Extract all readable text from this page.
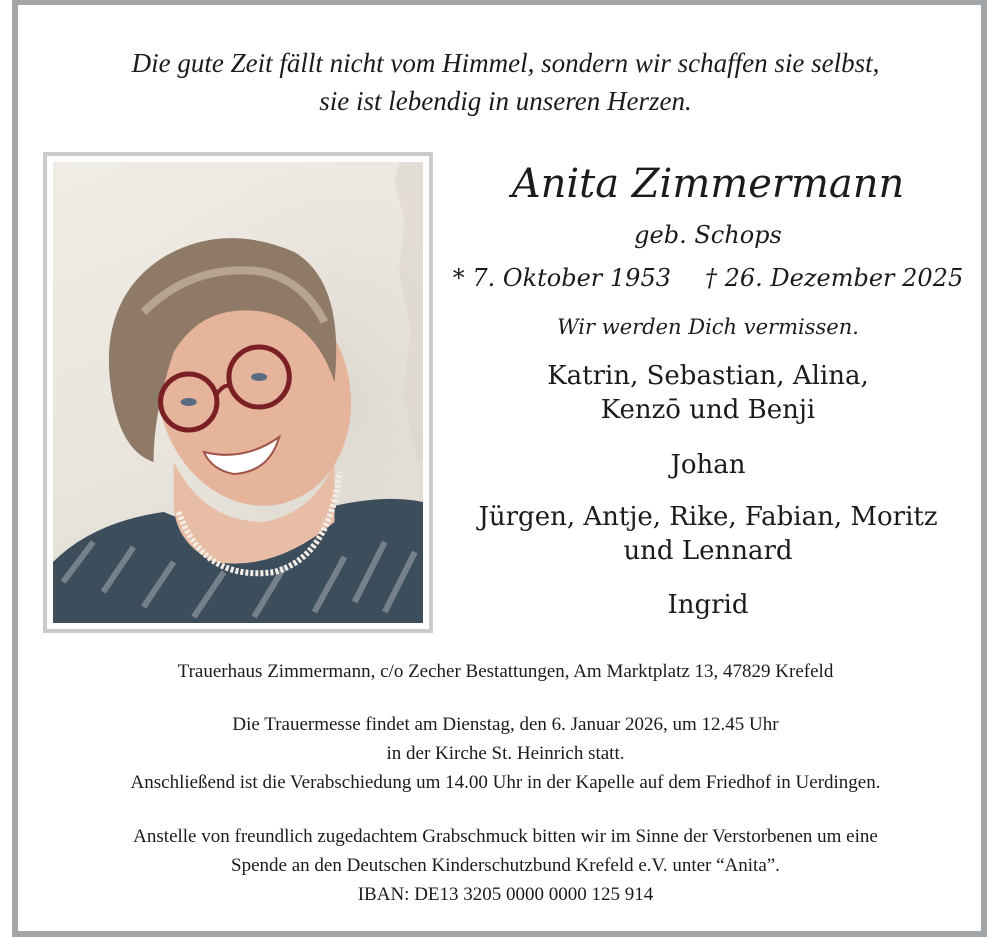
Die gute Zeit fällt nicht vom Himmel, sondern wir schaffen sie selbst,
sie ist lebendig in unseren Herzen.
Anita Zimmermann
geb. Schops
* 7. Oktober 1953 † 26. Dezember 2025
Wir werden Dich vermissen.
Katrin, Sebastian, Alina,
Kenzō und Benji
Johan
Jürgen, Antje, Rike, Fabian, Moritz
und Lennard
Ingrid
Trauerhaus Zimmermann, c/o Zecher Bestattungen, Am Marktplatz 13, 47829 Krefeld
Die Trauermesse findet am Dienstag, den 6. Januar 2026, um 12.45 Uhr
in der Kirche St. Heinrich statt.
Anschließend ist die Verabschiedung um 14.00 Uhr in der Kapelle auf dem Friedhof in Uerdingen.
Anstelle von freundlich zugedachtem Grabschmuck bitten wir im Sinne der Verstorbenen um eine
Spende an den Deutschen Kinderschutzbund Krefeld e.V. unter “Anita”.
IBAN: DE13 3205 0000 0000 125 914
